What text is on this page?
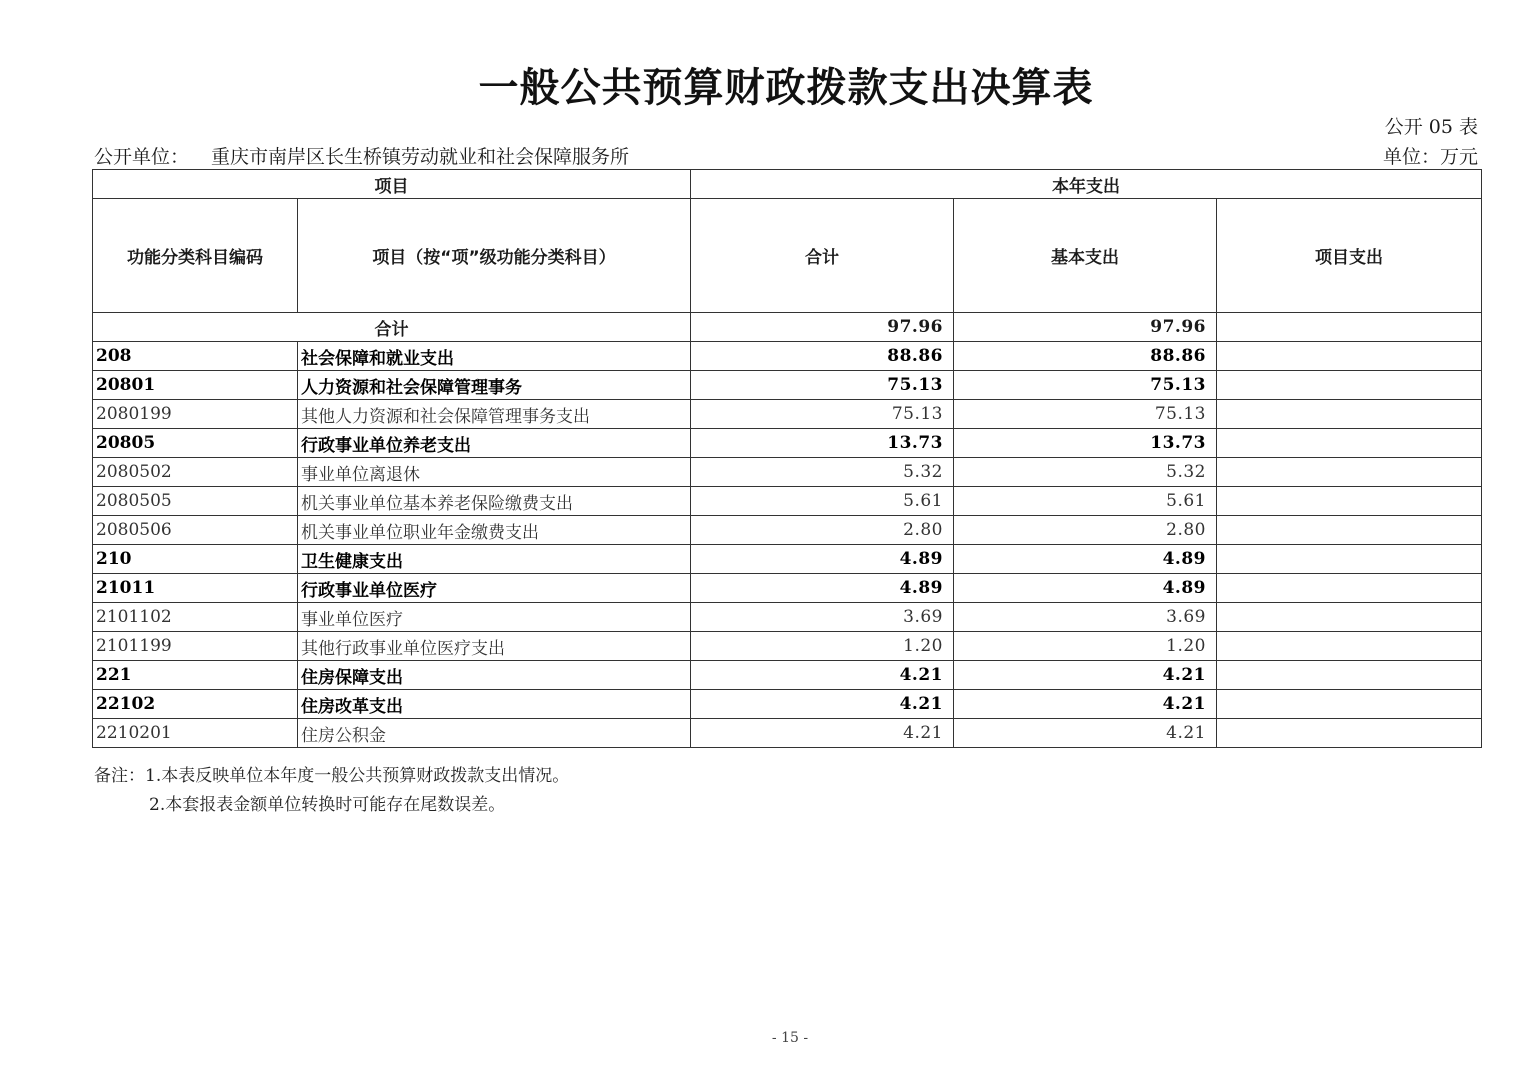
一般公共预算财政拨款支出决算表
公开 05 表
公开单位： 重庆市南岸区长生桥镇劳动就业和社会保障服务所	单位：万元
项目		本年支出		
功能分类科目编码	项目（按“项”级功能分类科目）	合计	基本支出	项目支出
合计		97.96	97.96	
208	社会保障和就业支出	88.86	88.86	
20801	人力资源和社会保障管理事务	75.13	75.13	
2080199	其他人力资源和社会保障管理事务支出	75.13	75.13	
20805	行政事业单位养老支出	13.73	13.73	
2080502	事业单位离退休	5.32	5.32	
2080505	机关事业单位基本养老保险缴费支出	5.61	5.61	
2080506	机关事业单位职业年金缴费支出	2.80	2.80	
210	卫生健康支出	4.89	4.89	
21011	行政事业单位医疗	4.89	4.89	
2101102	事业单位医疗	3.69	3.69	
2101199	其他行政事业单位医疗支出	1.20	1.20	
221	住房保障支出	4.21	4.21	
22102	住房改革支出	4.21	4.21	
2210201	住房公积金	4.21	4.21	
备注：1.本表反映单位本年度一般公共预算财政拨款支出情况。
2.本套报表金额单位转换时可能存在尾数误差。
- 15 -
